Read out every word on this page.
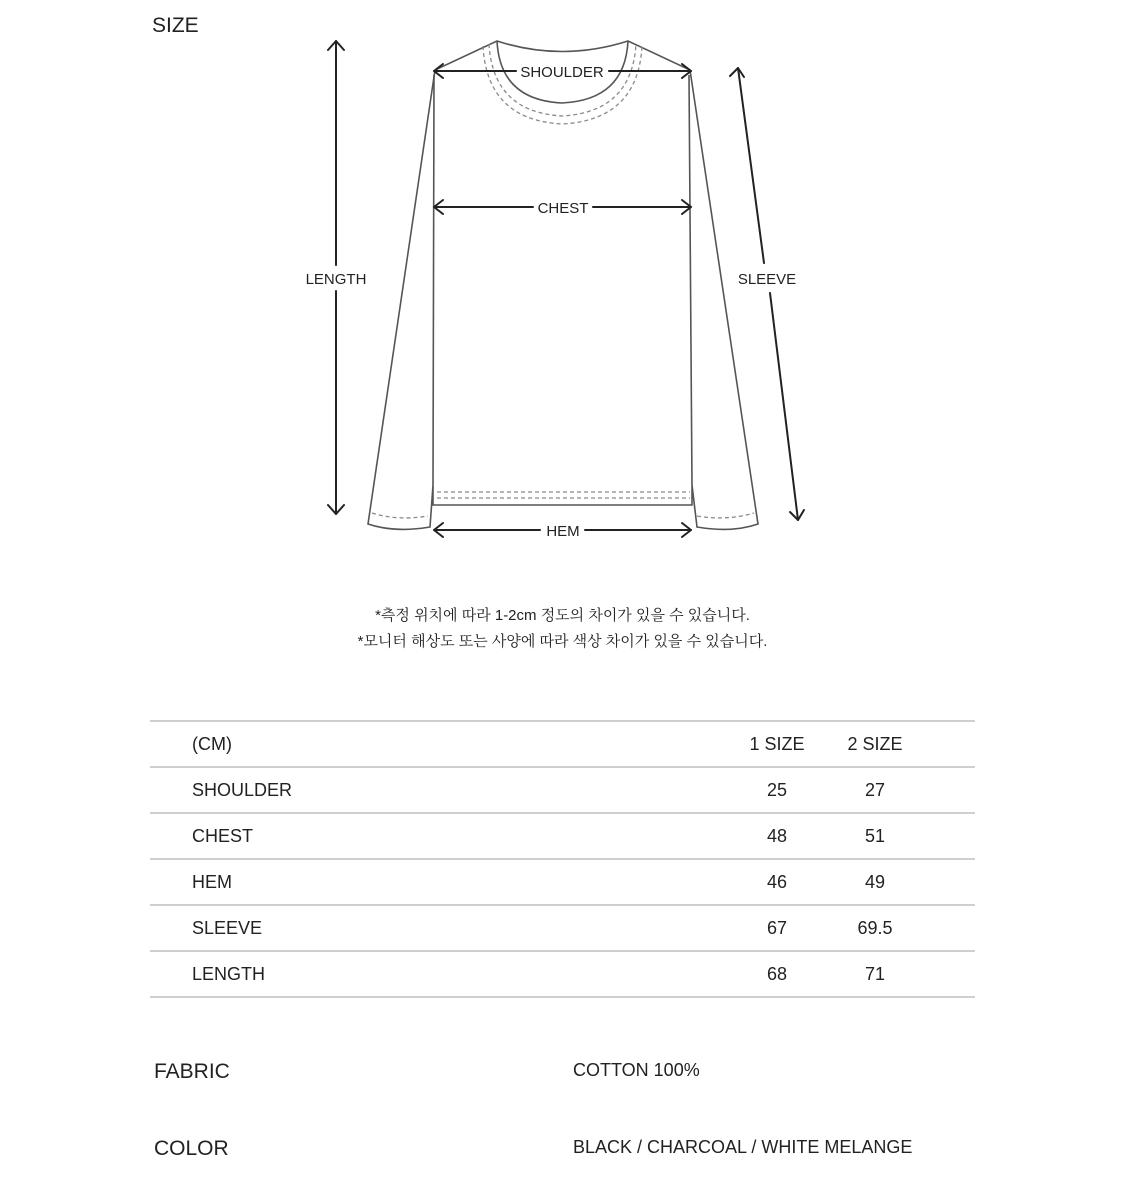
SIZE
SHOULDER
CHEST
LENGTH	SLEEVE
HEM
*측정 위치에 따라 1-2cm 정도의 차이가 있을 수 있습니다.
*모니터 해상도 또는 사양에 따라 색상 차이가 있을 수 있습니다.
(CM)	1 SIZE	2 SIZE
SHOULDER	25	27
CHEST	48	51
HEM	46	49
SLEEVE	67	69.5
LENGTH	68	71
FABRIC	COTTON 100%
COLOR	BLACK / CHARCOAL / WHITE MELANGE
